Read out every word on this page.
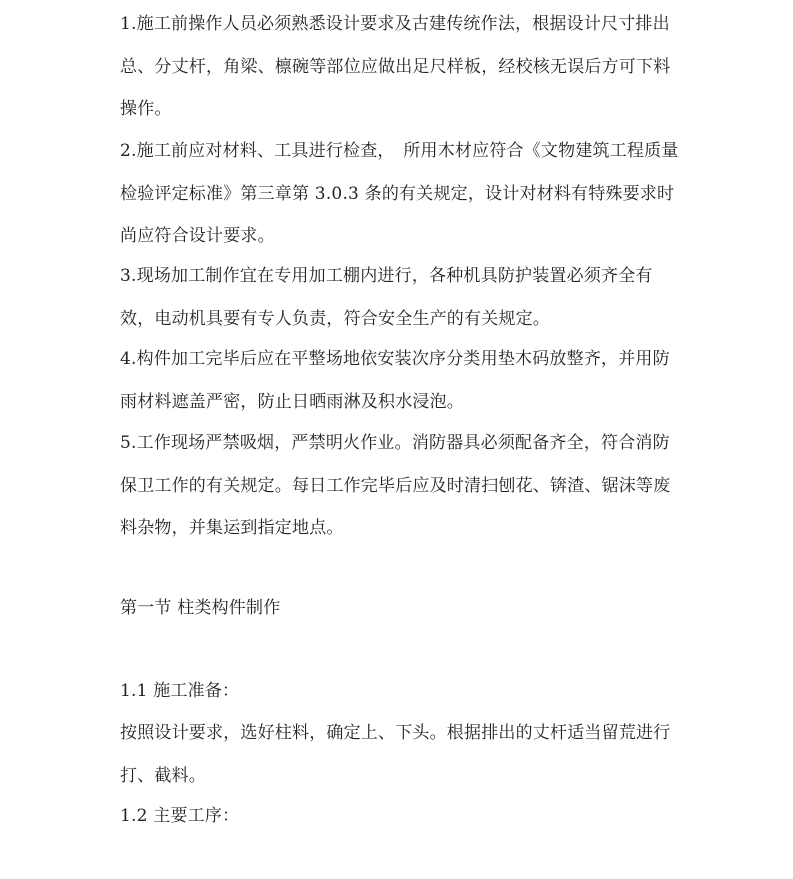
1.施工前操作人员必须熟悉设计要求及古建传统作法，根据设计尺寸排出总、分丈杆，角梁、檩碗等部位应做出足尺样板，经校核无误后方可下料操作。

2.施工前应对材料、工具进行检查，　所用木材应符合《文物建筑工程质量检验评定标准》第三章第 3.0.3 条的有关规定，设计对材料有特殊要求时尚应符合设计要求。

3.现场加工制作宜在专用加工棚内进行，各种机具防护装置必须齐全有效，电动机具要有专人负责，符合安全生产的有关规定。

4.构件加工完毕后应在平整场地依安装次序分类用垫木码放整齐，并用防雨材料遮盖严密，防止日晒雨淋及积水浸泡。

5.工作现场严禁吸烟，严禁明火作业。消防器具必须配备齐全，符合消防保卫工作的有关规定。每日工作完毕后应及时清扫刨花、锛渣、锯沫等废料杂物，并集运到指定地点。

第一节 柱类构件制作

1.1 施工准备：

按照设计要求，选好柱料，确定上、下头。根据排出的丈杆适当留荒进行打、截料。

1.2 主要工序：
